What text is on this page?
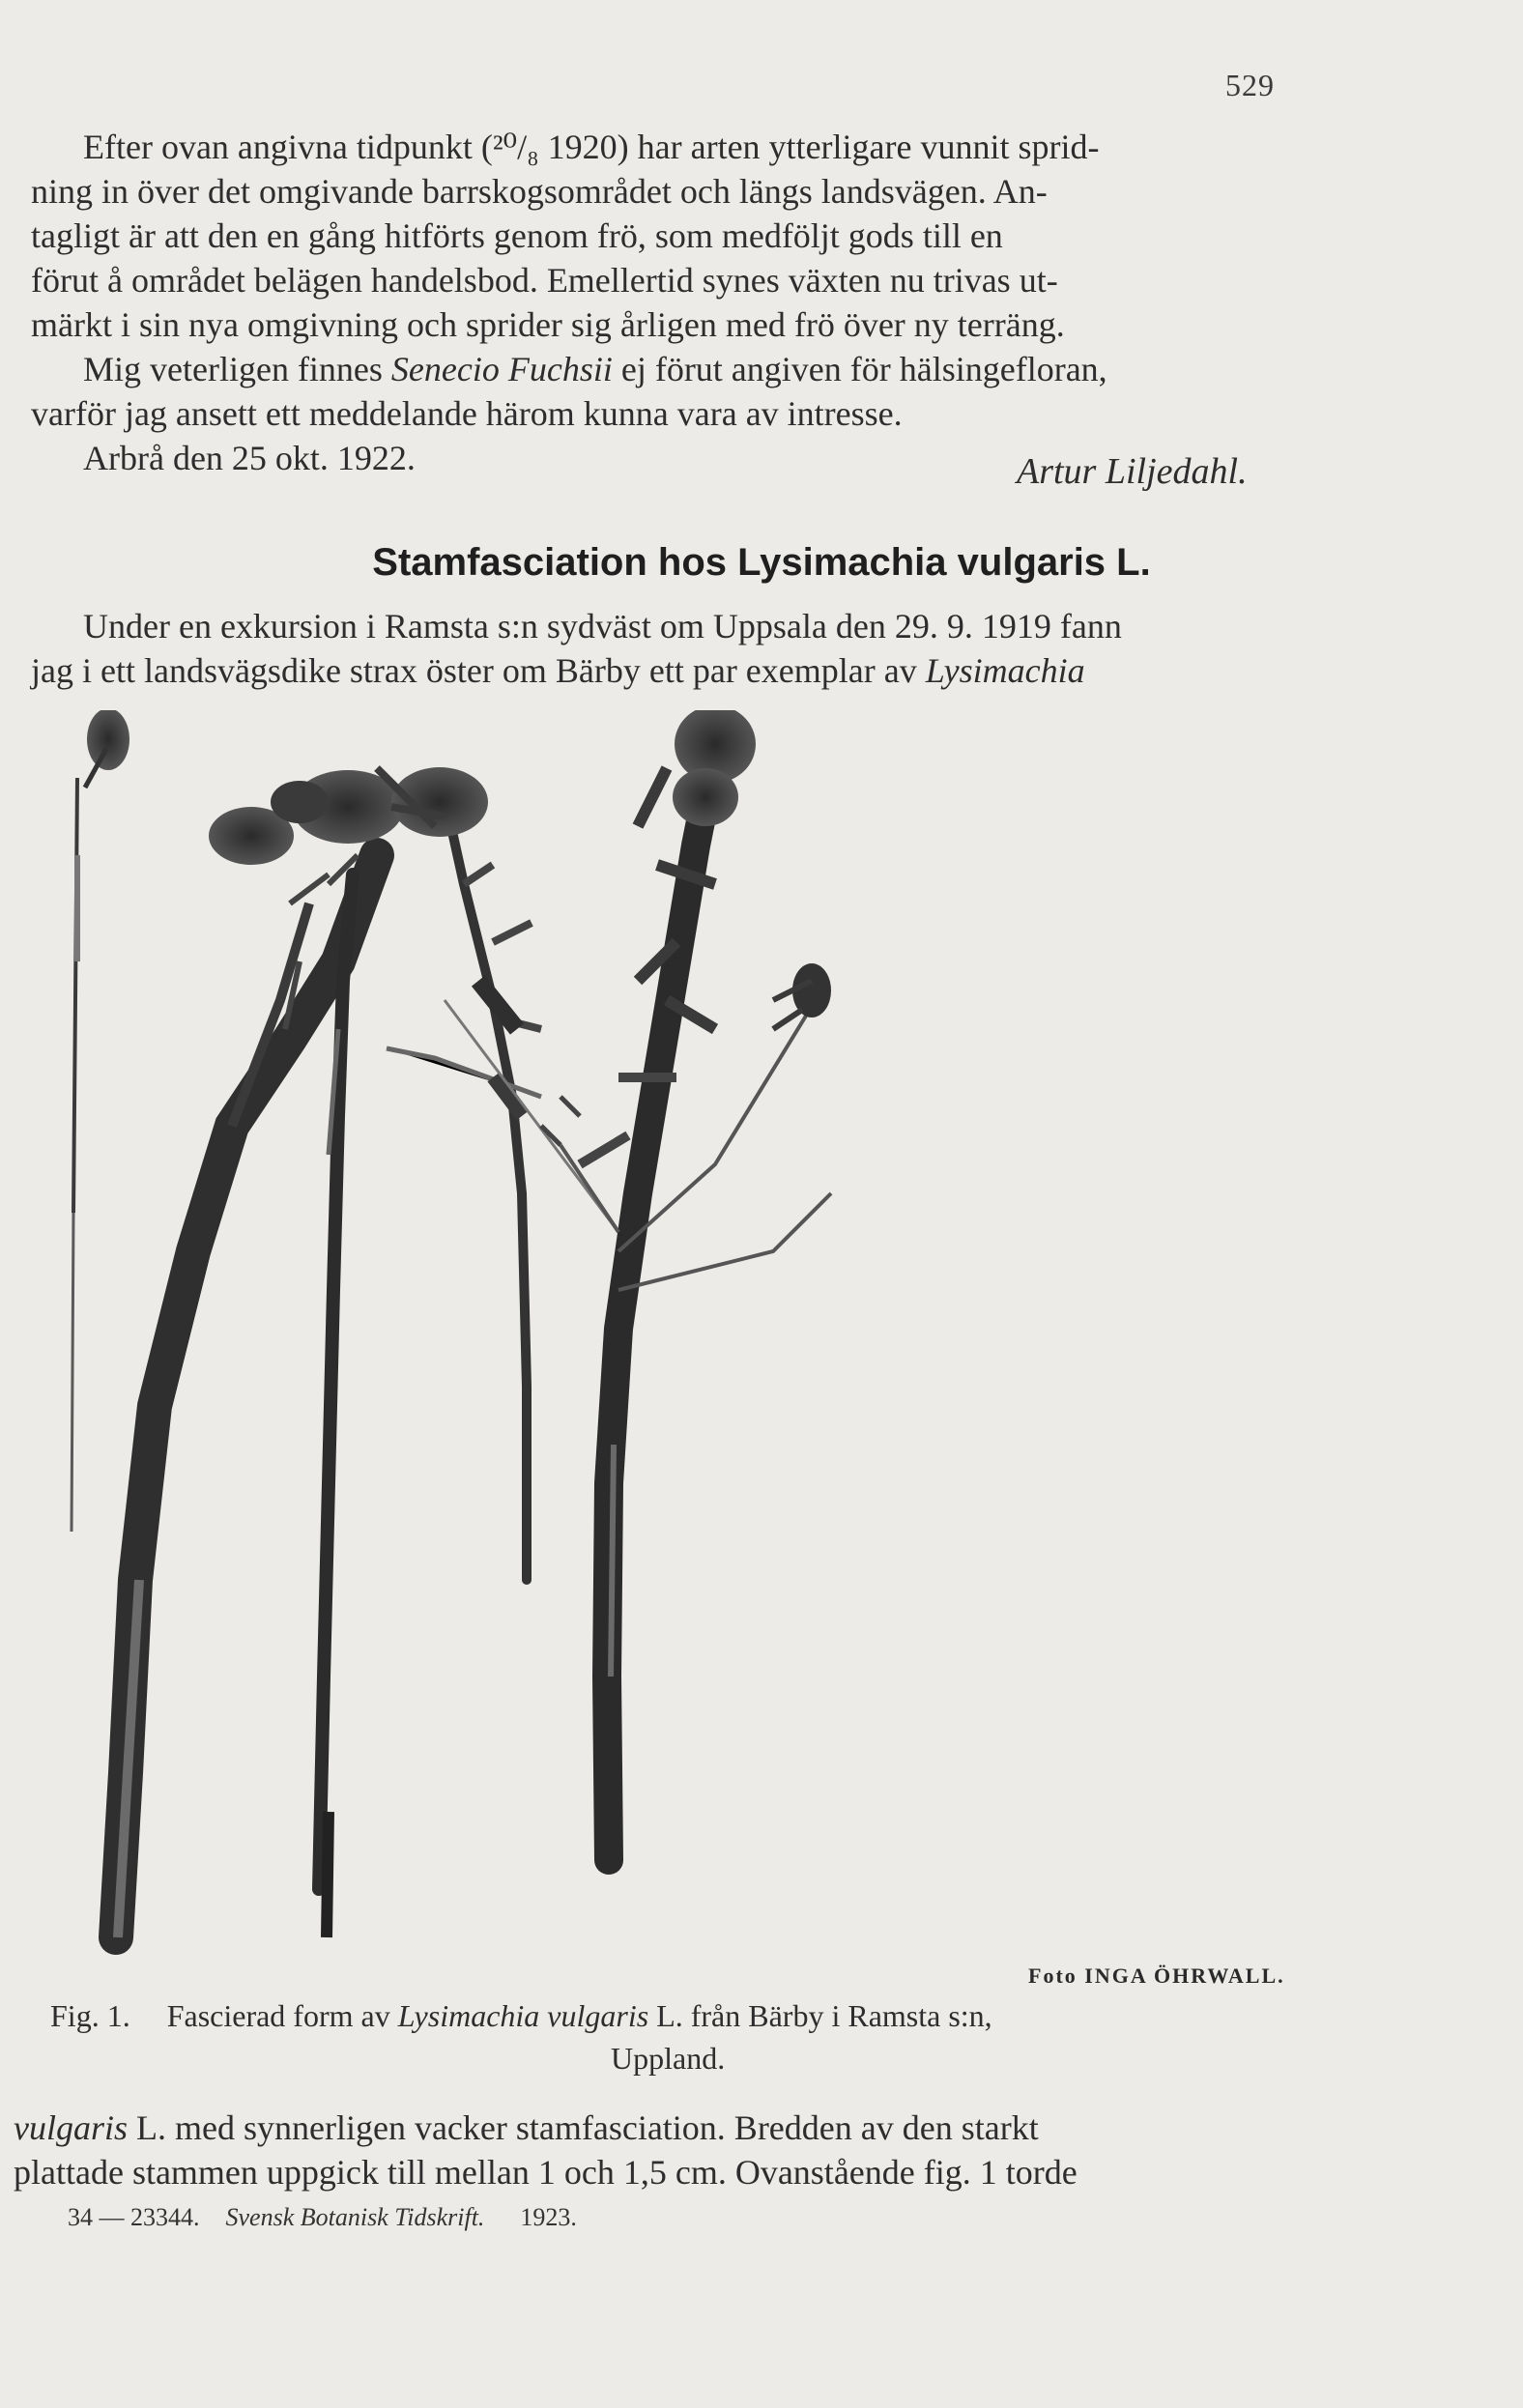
529
Efter ovan angivna tidpunkt (²⁰/₈ 1920) har arten ytterligare vunnit sprid-
ning in över det omgivande barrskogsområdet och längs landsvägen. An-
tagligt är att den en gång hitförts genom frö, som medföljt gods till en
förut å området belägen handelsbod. Emellertid synes växten nu trivas ut-
märkt i sin nya omgivning och sprider sig årligen med frö över ny terräng.
Mig veterligen finnes Senecio Fuchsii ej förut angiven för hälsingefloran,
varför jag ansett ett meddelande härom kunna vara av intresse.
Arbrå den 25 okt. 1922.	Artur Liljedahl.
Stamfasciation hos Lysimachia vulgaris L.
Under en exkursion i Ramsta s:n sydväst om Uppsala den 29. 9. 1919 fann
jag i ett landsvägsdike strax öster om Bärby ett par exemplar av Lysimachia
Foto INGA ÖHRWALL.
Fig. 1. Fascierad form av Lysimachia vulgaris L. från Bärby i Ramsta s:n,
Uppland.
vulgaris L. med synnerligen vacker stamfasciation. Bredden av den starkt
plattade stammen uppgick till mellan 1 och 1,5 cm. Ovanstående fig. 1 torde
34 — 23344. Svensk Botanisk Tidskrift. 1923.
